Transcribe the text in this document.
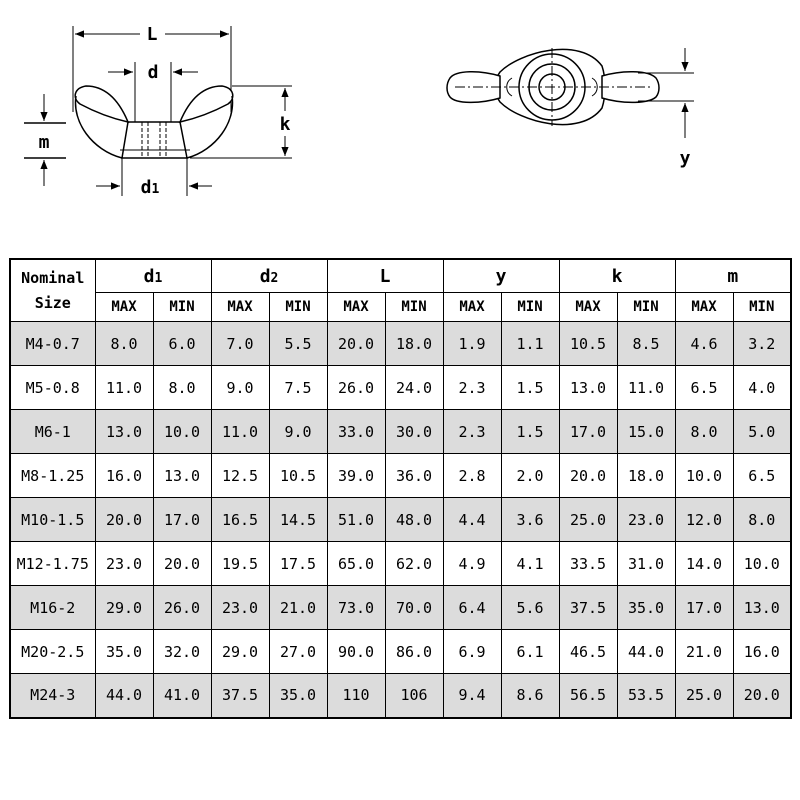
L
d
k
m
d1
y
Nominal
Size	d1		d2		L		y		k		m	
	MAX	MIN	MAX	MIN	MAX	MIN	MAX	MIN	MAX	MIN	MAX	MIN
M4-0.7	8.0	6.0	7.0	5.5	20.0	18.0	1.9	1.1	10.5	8.5	4.6	3.2
M5-0.8	11.0	8.0	9.0	7.5	26.0	24.0	2.3	1.5	13.0	11.0	6.5	4.0
M6-1	13.0	10.0	11.0	9.0	33.0	30.0	2.3	1.5	17.0	15.0	8.0	5.0
M8-1.25	16.0	13.0	12.5	10.5	39.0	36.0	2.8	2.0	20.0	18.0	10.0	6.5
M10-1.5	20.0	17.0	16.5	14.5	51.0	48.0	4.4	3.6	25.0	23.0	12.0	8.0
M12-1.75	23.0	20.0	19.5	17.5	65.0	62.0	4.9	4.1	33.5	31.0	14.0	10.0
M16-2	29.0	26.0	23.0	21.0	73.0	70.0	6.4	5.6	37.5	35.0	17.0	13.0
M20-2.5	35.0	32.0	29.0	27.0	90.0	86.0	6.9	6.1	46.5	44.0	21.0	16.0
M24-3	44.0	41.0	37.5	35.0	110	106	9.4	8.6	56.5	53.5	25.0	20.0
